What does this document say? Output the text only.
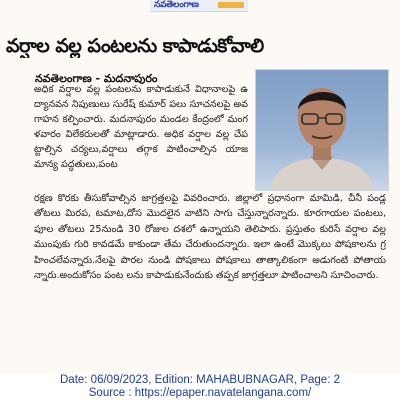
నవతెలంగాణ
వర్షాల వల్ల పంటలను కాపాడుకోవాలి
నవతెలంగాణ - మదనాపురం
అధిక వర్షాల వల్ల పంటలను కాపాడుకునే విధానాలపై ఉద్యానవన నిపుణులు సురేష్ కుమార్ పలు సూచనలపై అవగాహన కల్పించారు. మదనాపురం మండల కేంద్రంలో మంగళవారం విలేకరులతో మాట్లాడారు. అధిక వర్షాల వల్ల చేపట్టాల్సిన చర్యలు,వర్షాలు తగ్గాక పాటించాల్సిన యాజమాన్య పద్ధతులు,పంట
రక్షణ కొరకు తీసుకోవాల్సిన జాగ్రత్తలపై వివరించారు. జిల్లాలో ప్రధానంగా మామిడి, చీనీ పండ్ల తోటలు మిరప, టమాట,దోస మొదలైన వాటిని సాగు చేస్తున్నారన్నారు. కూరగాయల పంటలు,పూల తోటలు 25నుండి 30 రోజుల దశలో ఉన్నాయని తెలిపారు. ప్రస్తుతం కురిసే వర్షాల వల్ల ముంపుకు గురి కావడమే కాకుండా తేమ చేరుతుందన్నారు. ఇలా ఉంటే మొక్కలు పోషకాలను గ్రహించలేవన్నారు.నేలపై పొరల నుండి పోషకాలు పోషకాలు తాత్కాలికంగా అడుగంటి పోతాయన్నారు.అందుకోసం పంట లను కాపాడుకునేందుకు తప్పక జాగ్రత్తలూ పాటించాలని సూచించారు.
Date: 06/09/2023, Edition: MAHABUBNAGAR, Page: 2
Source : https://epaper.navatelangana.com/
